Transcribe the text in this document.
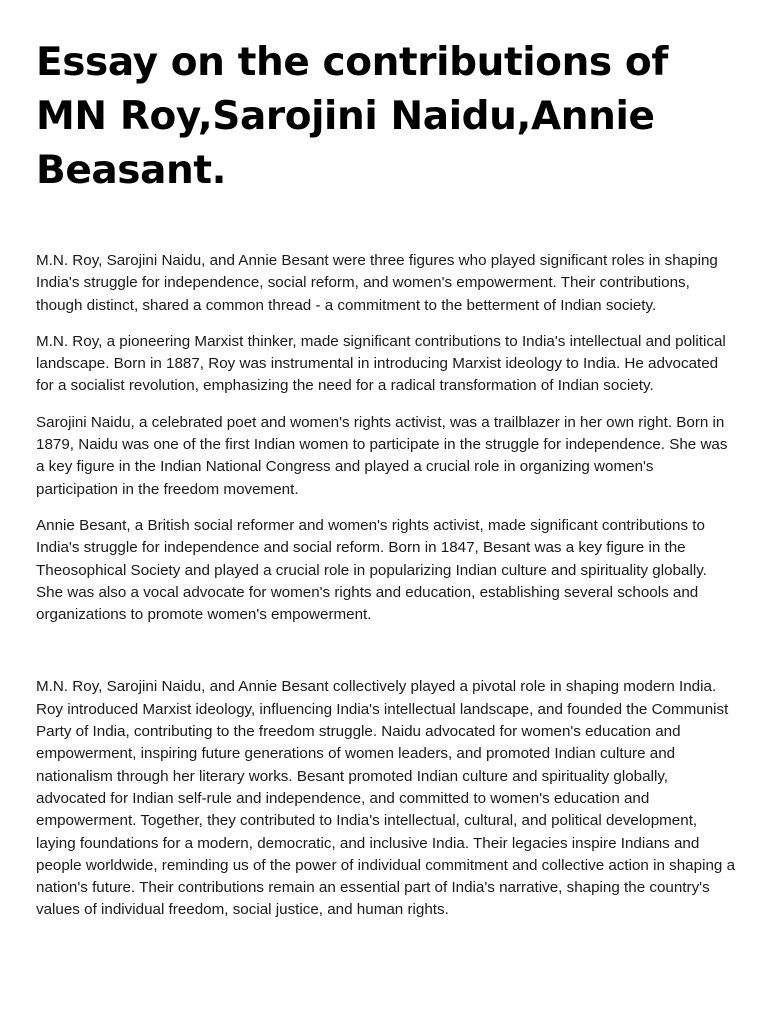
Essay on the contributions of MN Roy,Sarojini Naidu,Annie Beasant.

M.N. Roy, Sarojini Naidu, and Annie Besant were three figures who played significant roles in shaping India's struggle for independence, social reform, and women's empowerment. Their contributions, though distinct, shared a common thread - a commitment to the betterment of Indian society.

M.N. Roy, a pioneering Marxist thinker, made significant contributions to India's intellectual and political landscape. Born in 1887, Roy was instrumental in introducing Marxist ideology to India. He advocated for a socialist revolution, emphasizing the need for a radical transformation of Indian society.

Sarojini Naidu, a celebrated poet and women's rights activist, was a trailblazer in her own right. Born in 1879, Naidu was one of the first Indian women to participate in the struggle for independence. She was a key figure in the Indian National Congress and played a crucial role in organizing women's participation in the freedom movement.

Annie Besant, a British social reformer and women's rights activist, made significant contributions to India's struggle for independence and social reform. Born in 1847, Besant was a key figure in the Theosophical Society and played a crucial role in popularizing Indian culture and spirituality globally. She was also a vocal advocate for women's rights and education, establishing several schools and organizations to promote women's empowerment.

M.N. Roy, Sarojini Naidu, and Annie Besant collectively played a pivotal role in shaping modern India. Roy introduced Marxist ideology, influencing India's intellectual landscape, and founded the Communist Party of India, contributing to the freedom struggle. Naidu advocated for women's education and empowerment, inspiring future generations of women leaders, and promoted Indian culture and nationalism through her literary works. Besant promoted Indian culture and spirituality globally, advocated for Indian self-rule and independence, and committed to women's education and empowerment. Together, they contributed to India's intellectual, cultural, and political development, laying foundations for a modern, democratic, and inclusive India. Their legacies inspire Indians and people worldwide, reminding us of the power of individual commitment and collective action in shaping a nation's future. Their contributions remain an essential part of India's narrative, shaping the country's values of individual freedom, social justice, and human rights.
